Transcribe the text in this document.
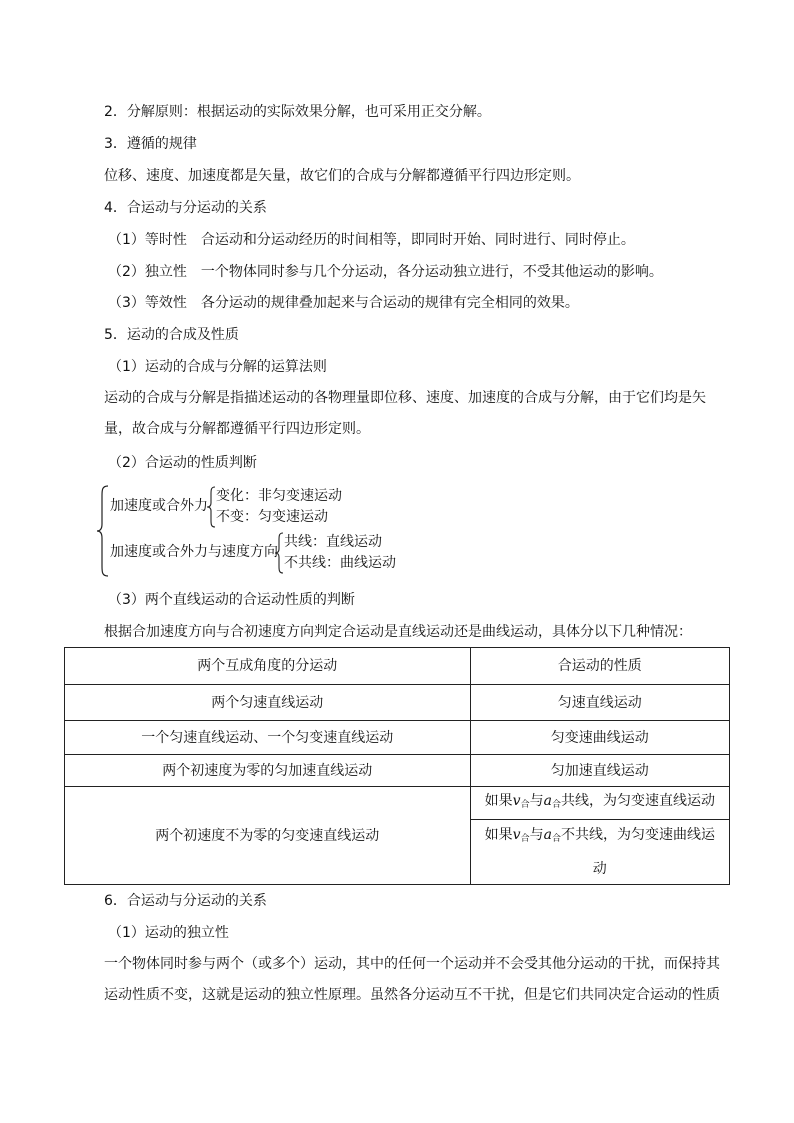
2．分解原则：根据运动的实际效果分解，也可采用正交分解。
3．遵循的规律
位移、速度、加速度都是矢量，故它们的合成与分解都遵循平行四边形定则。
4．合运动与分运动的关系
（1）等时性　合运动和分运动经历的时间相等，即同时开始、同时进行、同时停止。
（2）独立性　一个物体同时参与几个分运动，各分运动独立进行，不受其他运动的影响。
（3）等效性　各分运动的规律叠加起来与合运动的规律有完全相同的效果。
5．运动的合成及性质
（1）运动的合成与分解的运算法则
运动的合成与分解是指描述运动的各物理量即位移、速度、加速度的合成与分解，由于它们均是矢量，故合成与分解都遵循平行四边形定则。
（2）合运动的性质判断
加速度或合外力
变化：非匀变速运动
不变：匀变速运动
加速度或合外力与速度方向
共线：直线运动
不共线：曲线运动
（3）两个直线运动的合运动性质的判断
根据合加速度方向与合初速度方向判定合运动是直线运动还是曲线运动，具体分以下几种情况：
两个互成角度的分运动	合运动的性质
两个匀速直线运动	匀速直线运动
一个匀速直线运动、一个匀变速直线运动	匀变速曲线运动
两个初速度为零的匀加速直线运动	匀加速直线运动
两个初速度不为零的匀变速直线运动	如果$v_合$与$a_合$共线，为匀变速直线运动
	如果$v_合$与$a_合$不共线，为匀变速曲线运
动
6．合运动与分运动的关系
（1）运动的独立性
一个物体同时参与两个（或多个）运动，其中的任何一个运动并不会受其他分运动的干扰，而保持其运动性质不变，这就是运动的独立性原理。虽然各分运动互不干扰，但是它们共同决定合运动的性质
